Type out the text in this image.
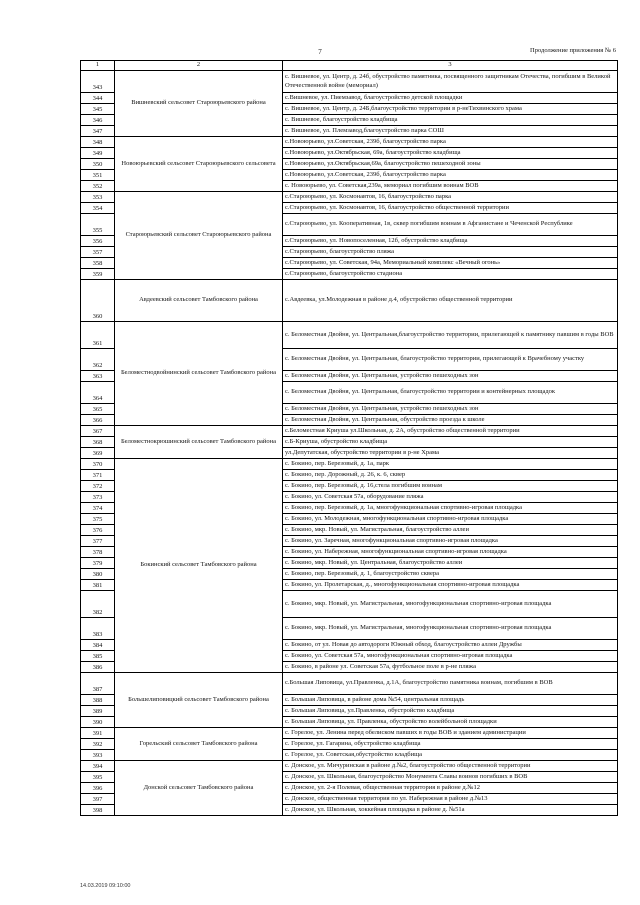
7	Продолжение приложения № 6
1	2	3
343	Вишневский сельсовет Староюрьевского района	с. Вишневое, ул. Центр, д. 24б, обустройство памятника, посвященного защитникам Отечества, погибшим в Великой Отечественной войне (мемориал)
344		с.Вишневое, ул. Пиемзавод, благоустройство детской площадки
345		с. Вишневое, ул. Центр, д. 24Б,благоустройство территории в р-неТихвинского храма
346		с. Вишневое, благоустройство кладбища
347		с. Вишневое, ул. Племзавод,благоустройство парка СОШ
348	Новоюрьевский сельсовет Староюрьевского сельсовета	с.Новоюрьево, ул.Советская, 239б, благоустройство парка
349		с.Новоюрьево, ул.Октябрьская, 69а, благоустройство кладбища
350		с.Новоюрьево, ул.Октябрьская,69а, благоустройство пешеходной зоны
351		с.Новоюрьево, ул.Советская, 239б, благоустройство парка
352		с. Новоюрьево, ул. Советская,239а, мемориал погибшим воинам ВОВ
353	Староюрьевский сельсовет Староюрьевского района	с.Староюрьево, ул. Космонавтов, 16, благоустройство парка
354		с.Староюрьево, ул. Космонавтов, 16, благоустройство общественной территории
355		с.Староюрьево, ул. Кооперативная, 1в, сквер погибшим воинам в Афганистане и Чеченской Республике
356		с.Староюрьево, ул. Новопоселенная, 12б, обустройство кладбища
357		с.Староюрьево, благоустройство пляжа
358		с.Староюрьево, ул. Советская, 94а, Мемориальный комплекс «Вечный огонь»
359		с.Староюрьево, благоустройство стадиона
360	Авдеевский сельсовет Тамбовского района	с.Авдеевка, ул.Молодежная в районе д.4, обустройство общественной территории
361	Беломестнодвойнинский сельсовет Тамбовского района	с. Беломестная Двойня, ул. Центральная,благоустройство территории, прилегающей к памятнику павшим в годы ВОВ
362		с. Беломестная Двойня, ул. Центральная, благоустройство территории, прилегающей к Врачебному участку
363		с. Беломестная Двойня, ул. Центральная, устройство пешеходных зон
364		с. Беломестная Двойня, ул. Центральная, благоустройство территории и контейнерных площадок
365		с. Беломестная Двойня, ул. Центральная, устройство пешеходных зон
366		с. Беломестная Двойня, ул. Центральная, обустройство проезда к школе
367	Беломестнокрюшинский сельсовет Тамбовского района	с.Беломестная Криуша ул.Школьная, д. 2А, обустройство общественной территории
368		с.Б-Криуша, обустройство кладбища
369		ул.Депутатская, обустройство территории в р-не Храма
370	Бокинский сельсовет Тамбовского района	с. Бокино, пер. Березовый, д. 1а, парк
371		с. Бокино, пер. Дорожный, д. 26, к. 6, сквер
372		с. Бокино, пер. Березовый, д. 16,стела погибшим воинам
373		с. Бокино, ул. Советская 57а, оборудование пляжа
374		с. Бокино, пер. Березовый, д. 1а, многофункциональная спортивно-игровая площадка
375		с. Бокино, ул. Молодежная, многофункциональная спортивно-игровая площадка
376		с. Бокино, мкр. Новый, ул. Магистральная, благоустройство аллеи
377		с. Бокино, ул. Заречная, многофункциональная спортивно-игровая площадка
378		с. Бокино, ул. Набережная, многофункциональная спортивно-игровая площадка
379		с. Бокино, мкр. Новый, ул. Центральная, благоустройство аллеи
380		с. Бокино, пер. Березовый, д. 1, благоустройство сквера
381		с. Бокино, ул. Пролетарская, д., многофункциональная спортивно-игровая площадка
382		с. Бокино, мкр. Новый, ул. Магистральная, многофункциональная спортивно-игровая площадка
383		с. Бокино, мкр. Новый, ул. Магистральная, многофункциональная спортивно-игровая площадка
384		с. Бокино, от ул. Новая до автодороги Южный обход, благоустройство аллеи Дружбы
385		с. Бокино, ул. Советская 57а, многофункциональная спортивно-игровая площадка
386		с. Бокино, в районе ул. Советская 57а, футбольное поле в р-не пляжа
387	Большелиповицкий сельсовет Тамбовского района	с.Большая Липовица, ул.Правленка, д.1А, благоустройство памятника воинам, погибшим в ВОВ
388		с. Большая Липовица, в районе дома №54, центральная площадь
389		с. Большая Липовица, ул.Правленка, обустройство кладбища
390		с. Большая Липовица, ул. Правленка, обустройство волейбольной площадки
391	Горельский сельсовет Тамбовского района	с. Горелое, ул. Ленина перед обелиском павших в годы ВОВ и зданием администрации
392		с. Горелое, ул. Гагарина, обустройство кладбища
393		с. Горелое, ул. Советская,обустройство кладбища
394	Донской сельсовет Тамбовского района	с. Донское, ул. Мичуринская в районе д.№2, благоустройство общественной территории
395		с. Донское, ул. Школьная, благоустройство Монумента Славы воинов погибших в ВОВ
396		с. Донское, ул. 2-я Полевая, общественная территория в районе д.№12
397		с. Донское, общественная территория по ул. Набережная в районе д.№13
398		с. Донское, ул. Школьная, хоккейная площадка в районе д. №51а
14.03.2019 09:10:00
